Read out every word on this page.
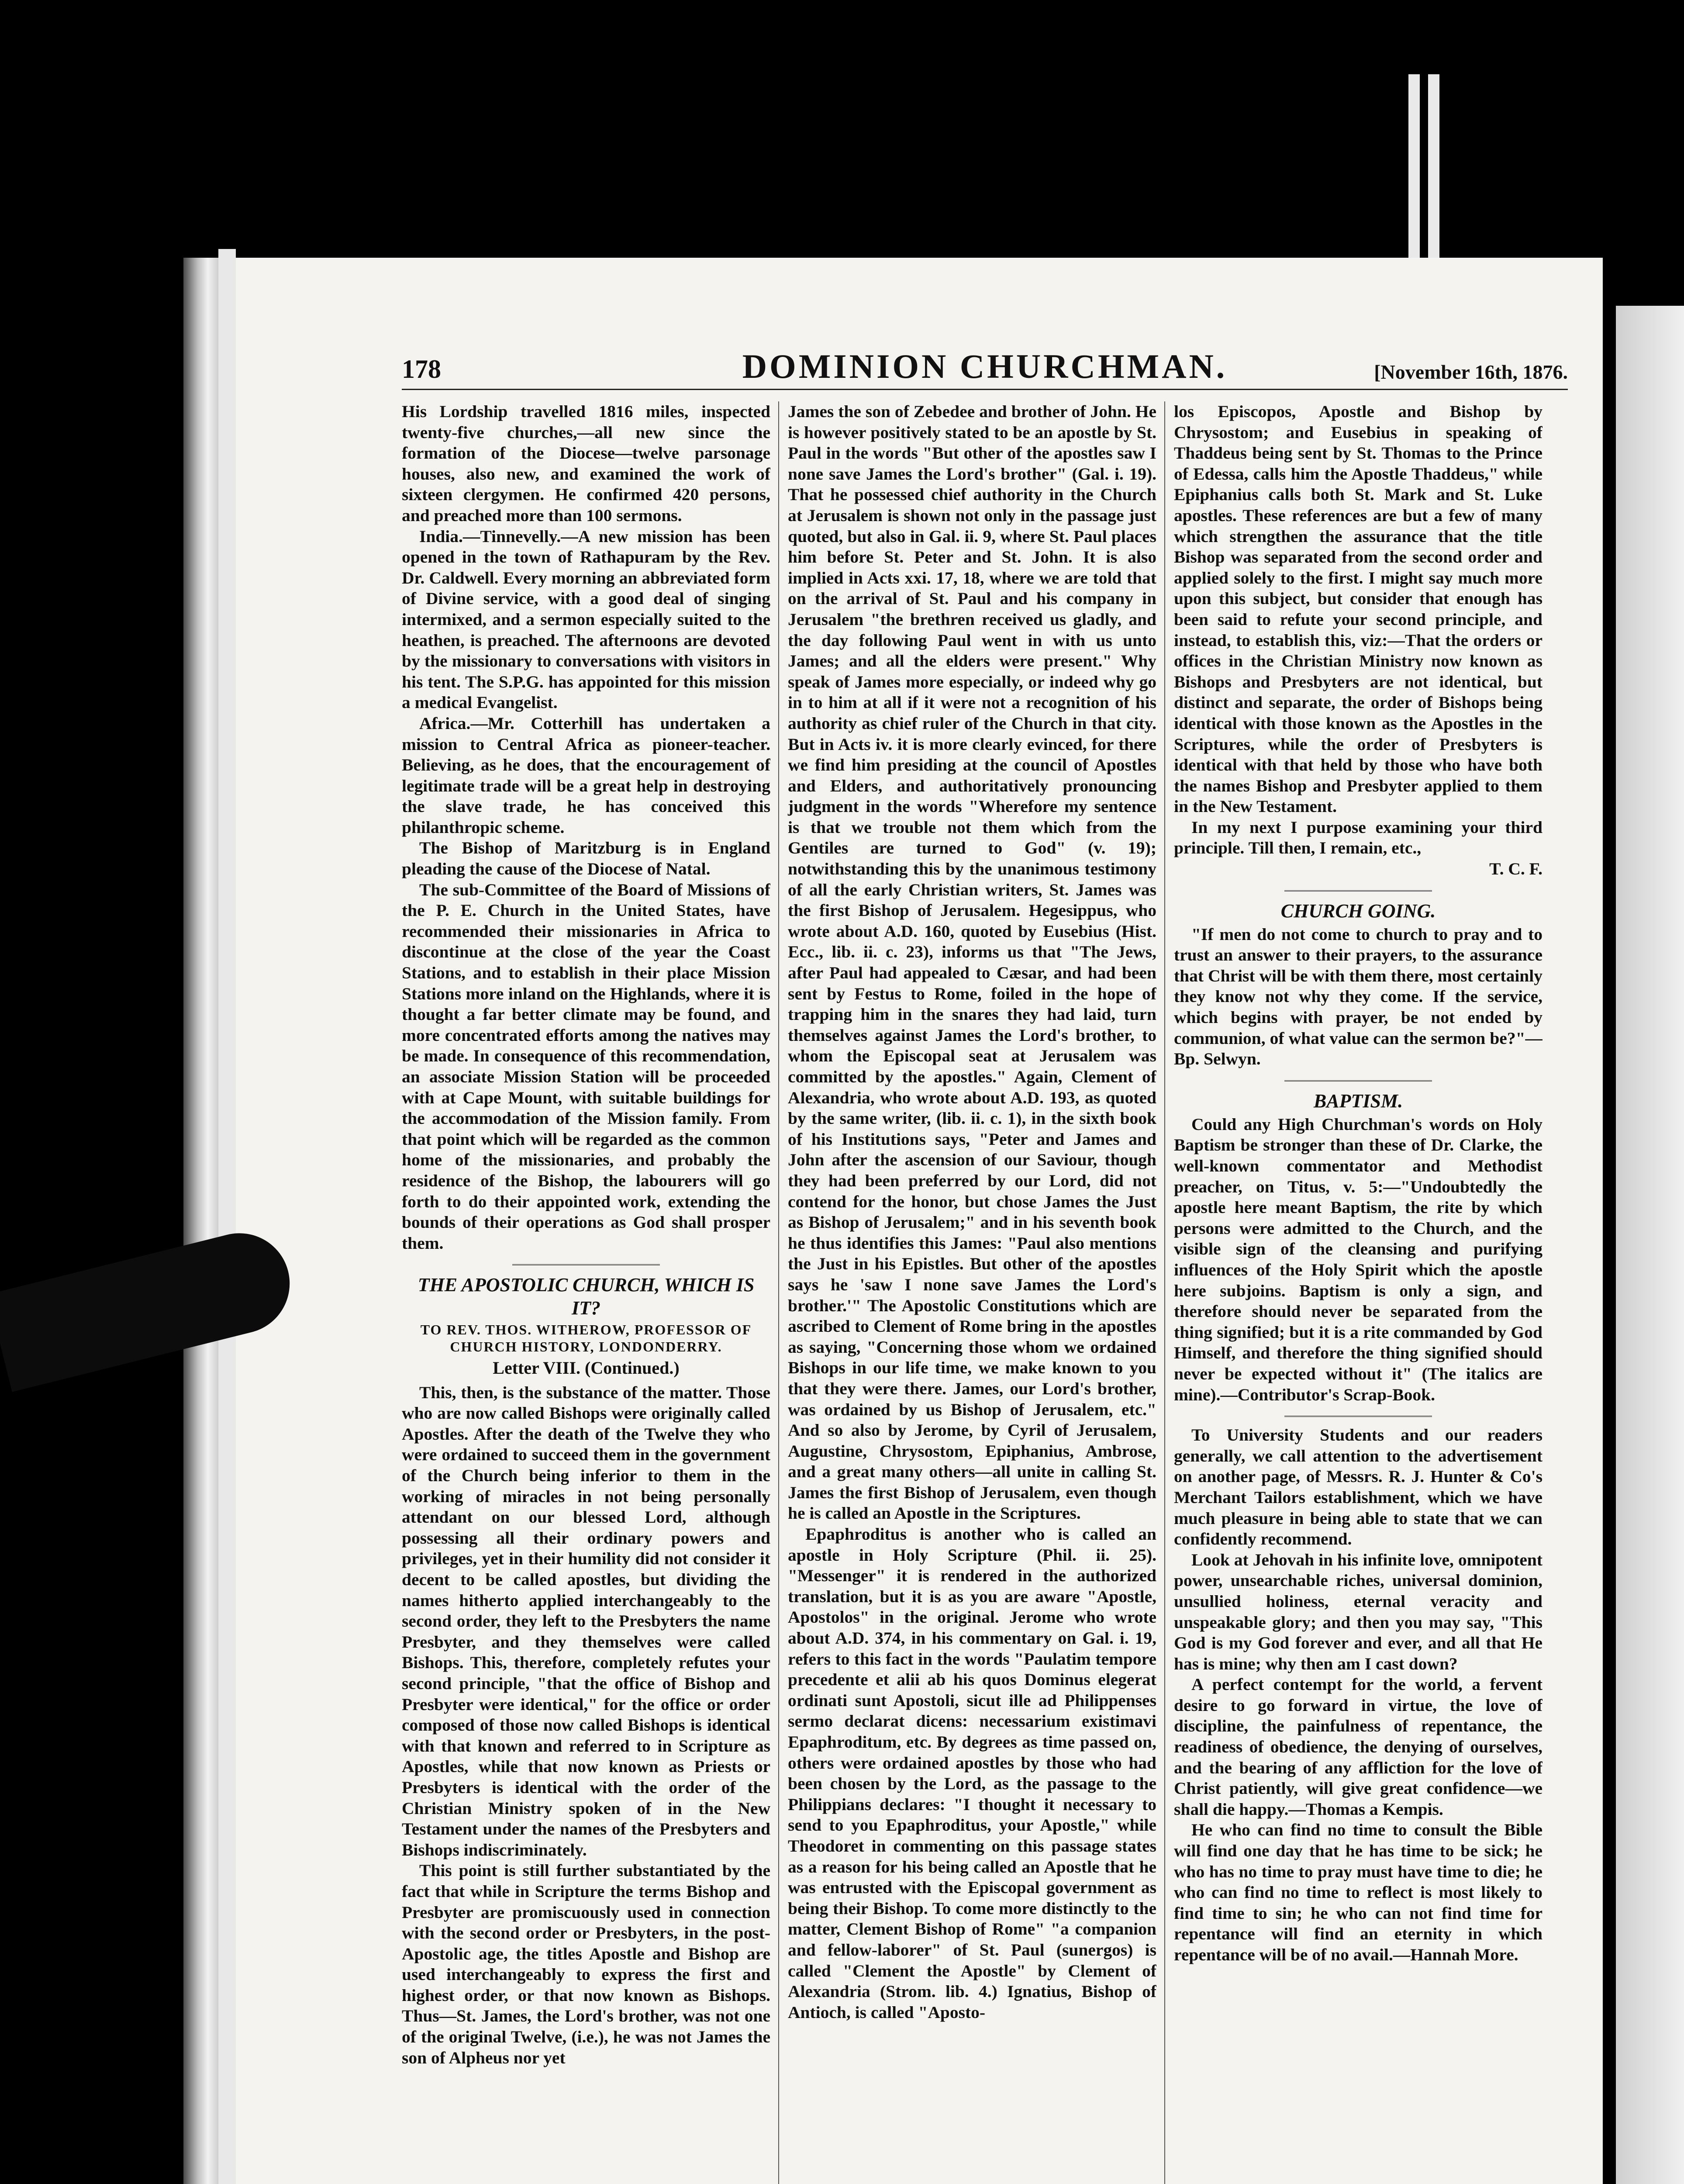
178	DOMINION CHURCHMAN.	[November 16th, 1876.

His Lordship travelled 1816 miles, inspected twenty-five churches,—all new since the formation of the Diocese—twelve parsonage houses, also new, and examined the work of sixteen clergymen. He confirmed 420 persons, and preached more than 100 sermons.

India.—Tinnevelly.—A new mission has been opened in the town of Rathapuram by the Rev. Dr. Caldwell. Every morning an abbreviated form of Divine service, with a good deal of singing intermixed, and a sermon especially suited to the heathen, is preached. The afternoons are devoted by the missionary to conversations with visitors in his tent. The S.P.G. has appointed for this mission a medical Evangelist.

Africa.—Mr. Cotterhill has undertaken a mission to Central Africa as pioneer-teacher. Believing, as he does, that the encouragement of legitimate trade will be a great help in destroying the slave trade, he has conceived this philanthropic scheme.

The Bishop of Maritzburg is in England pleading the cause of the Diocese of Natal.

The sub-Committee of the Board of Missions of the P. E. Church in the United States, have recommended their missionaries in Africa to discontinue at the close of the year the Coast Stations, and to establish in their place Mission Stations more inland on the Highlands, where it is thought a far better climate may be found, and more concentrated efforts among the natives may be made. In consequence of this recommendation, an associate Mission Station will be proceeded with at Cape Mount, with suitable buildings for the accommodation of the Mission family. From that point which will be regarded as the common home of the missionaries, and probably the residence of the Bishop, the labourers will go forth to do their appointed work, extending the bounds of their operations as God shall prosper them.

THE APOSTOLIC CHURCH, WHICH IS IT?
TO REV. THOS. WITHEROW, PROFESSOR OF CHURCH HISTORY, LONDONDERRY.
Letter VIII. (Continued.)

This, then, is the substance of the matter. Those who are now called Bishops were originally called Apostles. After the death of the Twelve they who were ordained to succeed them in the government of the Church being inferior to them in the working of miracles in not being personally attendant on our blessed Lord, although possessing all their ordinary powers and privileges, yet in their humility did not consider it decent to be called apostles, but dividing the names hitherto applied interchangeably to the second order, they left to the Presbyters the name Presbyter, and they themselves were called Bishops. This, therefore, completely refutes your second principle, "that the office of Bishop and Presbyter were identical," for the office or order composed of those now called Bishops is identical with that known and referred to in Scripture as Apostles, while that now known as Priests or Presbyters is identical with the order of the Christian Ministry spoken of in the New Testament under the names of the Presbyters and Bishops indiscriminately.

This point is still further substantiated by the fact that while in Scripture the terms Bishop and Presbyter are promiscuously used in connection with the second order or Presbyters, in the post-Apostolic age, the titles Apostle and Bishop are used interchangeably to express the first and highest order, or that now known as Bishops. Thus—St. James, the Lord's brother, was not one of the original Twelve, (i.e.), he was not James the son of Alpheus nor yet

James the son of Zebedee and brother of John. He is however positively stated to be an apostle by St. Paul in the words "But other of the apostles saw I none save James the Lord's brother" (Gal. i. 19). That he possessed chief authority in the Church at Jerusalem is shown not only in the passage just quoted, but also in Gal. ii. 9, where St. Paul places him before St. Peter and St. John. It is also implied in Acts xxi. 17, 18, where we are told that on the arrival of St. Paul and his company in Jerusalem "the brethren received us gladly, and the day following Paul went in with us unto James; and all the elders were present." Why speak of James more especially, or indeed why go in to him at all if it were not a recognition of his authority as chief ruler of the Church in that city. But in Acts iv. it is more clearly evinced, for there we find him presiding at the council of Apostles and Elders, and authoritatively pronouncing judgment in the words "Wherefore my sentence is that we trouble not them which from the Gentiles are turned to God" (v. 19); notwithstanding this by the unanimous testimony of all the early Christian writers, St. James was the first Bishop of Jerusalem. Hegesippus, who wrote about A.D. 160, quoted by Eusebius (Hist. Ecc., lib. ii. c. 23), informs us that "The Jews, after Paul had appealed to Cæsar, and had been sent by Festus to Rome, foiled in the hope of trapping him in the snares they had laid, turn themselves against James the Lord's brother, to whom the Episcopal seat at Jerusalem was committed by the apostles." Again, Clement of Alexandria, who wrote about A.D. 193, as quoted by the same writer, (lib. ii. c. 1), in the sixth book of his Institutions says, "Peter and James and John after the ascension of our Saviour, though they had been preferred by our Lord, did not contend for the honor, but chose James the Just as Bishop of Jerusalem;" and in his seventh book he thus identifies this James: "Paul also mentions the Just in his Epistles. But other of the apostles says he 'saw I none save James the Lord's brother.'" The Apostolic Constitutions which are ascribed to Clement of Rome bring in the apostles as saying, "Concerning those whom we ordained Bishops in our life time, we make known to you that they were there. James, our Lord's brother, was ordained by us Bishop of Jerusalem, etc." And so also by Jerome, by Cyril of Jerusalem, Augustine, Chrysostom, Epiphanius, Ambrose, and a great many others—all unite in calling St. James the first Bishop of Jerusalem, even though he is called an Apostle in the Scriptures.

Epaphroditus is another who is called an apostle in Holy Scripture (Phil. ii. 25). "Messenger" it is rendered in the authorized translation, but it is as you are aware "Apostle, Apostolos" in the original. Jerome who wrote about A.D. 374, in his commentary on Gal. i. 19, refers to this fact in the words "Paulatim tempore precedente et alii ab his quos Dominus elegerat ordinati sunt Apostoli, sicut ille ad Philippenses sermo declarat dicens: necessarium existimavi Epaphroditum, etc. By degrees as time passed on, others were ordained apostles by those who had been chosen by the Lord, as the passage to the Philippians declares: "I thought it necessary to send to you Epaphroditus, your Apostle," while Theodoret in commenting on this passage states as a reason for his being called an Apostle that he was entrusted with the Episcopal government as being their Bishop. To come more distinctly to the matter, Clement Bishop of Rome" "a companion and fellow-laborer" of St. Paul (sunergos) is called "Clement the Apostle" by Clement of Alexandria (Strom. lib. 4.) Ignatius, Bishop of Antioch, is called "Aposto-

los Episcopos, Apostle and Bishop by Chrysostom; and Eusebius in speaking of Thaddeus being sent by St. Thomas to the Prince of Edessa, calls him the Apostle Thaddeus," while Epiphanius calls both St. Mark and St. Luke apostles. These references are but a few of many which strengthen the assurance that the title Bishop was separated from the second order and applied solely to the first. I might say much more upon this subject, but consider that enough has been said to refute your second principle, and instead, to establish this, viz:—That the orders or offices in the Christian Ministry now known as Bishops and Presbyters are not identical, but distinct and separate, the order of Bishops being identical with those known as the Apostles in the Scriptures, while the order of Presbyters is identical with that held by those who have both the names Bishop and Presbyter applied to them in the New Testament.

In my next I purpose examining your third principle. Till then, I remain, etc.,

T. C. F.

CHURCH GOING.

"If men do not come to church to pray and to trust an answer to their prayers, to the assurance that Christ will be with them there, most certainly they know not why they come. If the service, which begins with prayer, be not ended by communion, of what value can the sermon be?"—Bp. Selwyn.

BAPTISM.

Could any High Churchman's words on Holy Baptism be stronger than these of Dr. Clarke, the well-known commentator and Methodist preacher, on Titus, v. 5:—"Undoubtedly the apostle here meant Baptism, the rite by which persons were admitted to the Church, and the visible sign of the cleansing and purifying influences of the Holy Spirit which the apostle here subjoins. Baptism is only a sign, and therefore should never be separated from the thing signified; but it is a rite commanded by God Himself, and therefore the thing signified should never be expected without it" (The italics are mine).—Contributor's Scrap-Book.

To University Students and our readers generally, we call attention to the advertisement on another page, of Messrs. R. J. Hunter & Co's Merchant Tailors establishment, which we have much pleasure in being able to state that we can confidently recommend.

Look at Jehovah in his infinite love, omnipotent power, unsearchable riches, universal dominion, unsullied holiness, eternal veracity and unspeakable glory; and then you may say, "This God is my God forever and ever, and all that He has is mine; why then am I cast down?

A perfect contempt for the world, a fervent desire to go forward in virtue, the love of discipline, the painfulness of repentance, the readiness of obedience, the denying of ourselves, and the bearing of any affliction for the love of Christ patiently, will give great confidence—we shall die happy.—Thomas a Kempis.

He who can find no time to consult the Bible will find one day that he has time to be sick; he who has no time to pray must have time to die; he who can find no time to reflect is most likely to find time to sin; he who can not find time for repentance will find an eternity in which repentance will be of no avail.—Hannah More.
